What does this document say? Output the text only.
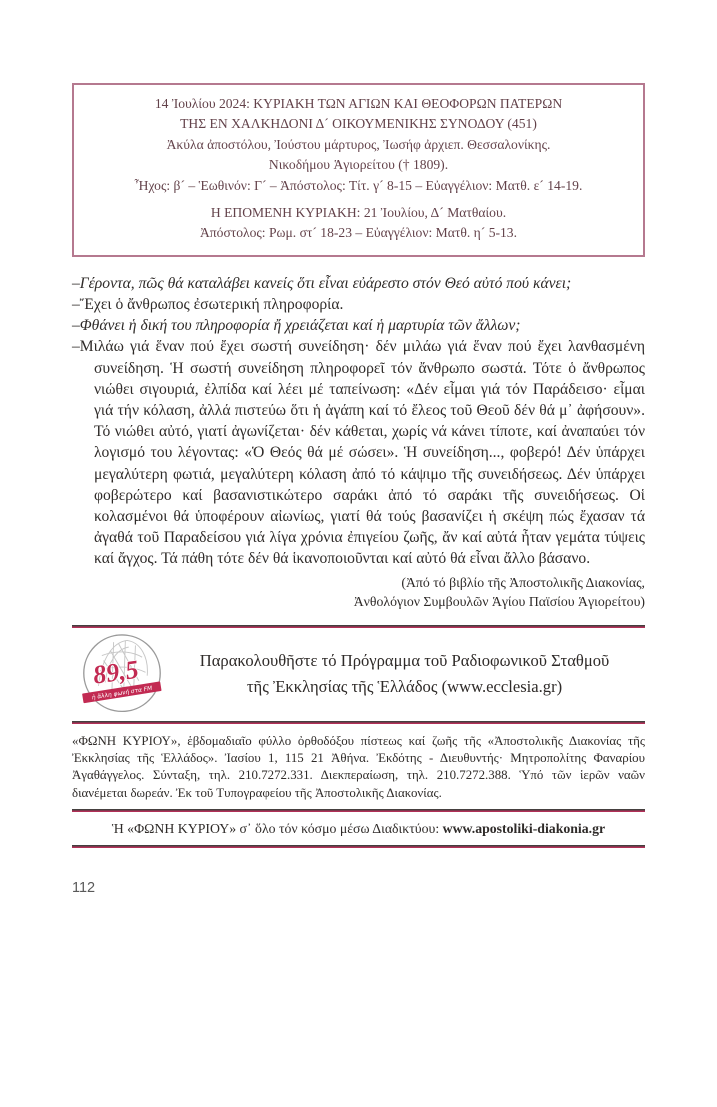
14 Ἰουλίου 2024: ΚΥΡΙΑΚΗ ΤΩΝ ΑΓΙΩΝ ΚΑΙ ΘΕΟΦΟΡΩΝ ΠΑΤΕΡΩΝ
ΤΗΣ ΕΝ ΧΑΛΚΗΔΟΝΙ Δ´ ΟΙΚΟΥΜΕΝΙΚΗΣ ΣΥΝΟΔΟΥ (451)
Ἀκύλα ἀποστόλου, Ἰούστου μάρτυρος, Ἰωσήφ ἀρχιεπ. Θεσσαλονίκης.
Νικοδήμου Ἁγιορείτου († 1809).
Ἦχος: β´ – Ἑωθινόν: Γ´ – Ἀπόστολος: Τίτ. γ´ 8-15 – Εὐαγγέλιον: Ματθ. ε´ 14-19.
Η ΕΠΟΜΕΝΗ ΚΥΡΙΑΚΗ: 21 Ἰουλίου, Δ´ Ματθαίου.
Ἀπόστολος: Ρωμ. στ´ 18-23 – Εὐαγγέλιον: Ματθ. η´ 5-13.

–Γέροντα, πῶς θά καταλάβει κανείς ὅτι εἶναι εὐάρεστο στόν Θεό αὐτό πού κάνει;

–Ἔχει ὁ ἄνθρωπος ἐσωτερική πληροφορία.

–Φθάνει ἡ δική του πληροφορία ἤ χρειάζεται καί ἡ μαρτυρία τῶν ἄλλων;

–Μιλάω γιά ἕναν πού ἔχει σωστή συνείδηση· δέν μιλάω γιά ἕναν πού ἔχει λανθασμένη συνείδηση. Ἡ σωστή συνείδηση πληροφορεῖ τόν ἄνθρωπο σωστά. Τότε ὁ ἄνθρωπος νιώθει σιγουριά, ἐλπίδα καί λέει μέ ταπείνωση: «Δέν εἶμαι γιά τόν Παράδεισο· εἶμαι γιά τήν κόλαση, ἀλλά πιστεύω ὅτι ἡ ἀγάπη καί τό ἔλεος τοῦ Θεοῦ δέν θά μ᾽ ἀφήσουν». Τό νιώθει αὐτό, γιατί ἀγωνίζεται· δέν κάθεται, χωρίς νά κάνει τίποτε, καί ἀναπαύει τόν λογισμό του λέγοντας: «Ὁ Θεός θά μέ σώσει». Ἡ συνείδηση..., φοβερό! Δέν ὑπάρχει μεγαλύτερη φωτιά, μεγαλύτερη κόλαση ἀπό τό κάψιμο τῆς συνειδήσεως. Δέν ὑπάρχει φοβερώτερο καί βασανιστικώτερο σαράκι ἀπό τό σαράκι τῆς συνειδήσεως. Οἱ κολασμένοι θά ὑποφέρουν αἰωνίως, γιατί θά τούς βασανίζει ἡ σκέψη πώς ἔχασαν τά ἀγαθά τοῦ Παραδείσου γιά λίγα χρόνια ἐπιγείου ζωῆς, ἄν καί αὐτά ἦταν γεμάτα τύψεις καί ἄγχος. Τά πάθη τότε δέν θά ἱκανοποιοῦνται καί αὐτό θά εἶναι ἄλλο βάσανο.

(Ἀπό τό βιβλίο τῆς Ἀποστολικῆς Διακονίας,
Ἀνθολόγιον Συμβουλῶν Ἁγίου Παϊσίου Ἁγιορείτου)
89,5
ἡ ἄλλη φωνή στα FM
Παρακολουθῆστε τό Πρόγραμμα τοῦ Ραδιοφωνικοῦ Σταθμοῦ
τῆς Ἐκκλησίας τῆς Ἑλλάδος (www.ecclesia.gr)

«ΦΩΝΗ ΚΥΡΙΟΥ», ἑβδομαδιαῖο φύλλο ὀρθοδόξου πίστεως καί ζωῆς τῆς «Ἀποστολικῆς Διακονίας τῆς Ἐκκλησίας τῆς Ἑλλάδος». Ἰασίου 1, 115 21 Ἀθήνα. Ἐκδότης - Διευθυντής· Μητροπολίτης Φαναρίου Ἀγαθάγγελος. Σύνταξη, τηλ. 210.7272.331. Διεκπεραίωση, τηλ. 210.7272.388. Ὑπό τῶν ἱερῶν ναῶν διανέμεται δωρεάν. Ἐκ τοῦ Τυπογραφείου τῆς Ἀποστολικῆς Διακονίας.

Ἡ «ΦΩΝΗ ΚΥΡΙΟΥ» σ᾽ ὅλο τόν κόσμο μέσω Διαδικτύου: www.apostoliki-diakonia.gr
112
